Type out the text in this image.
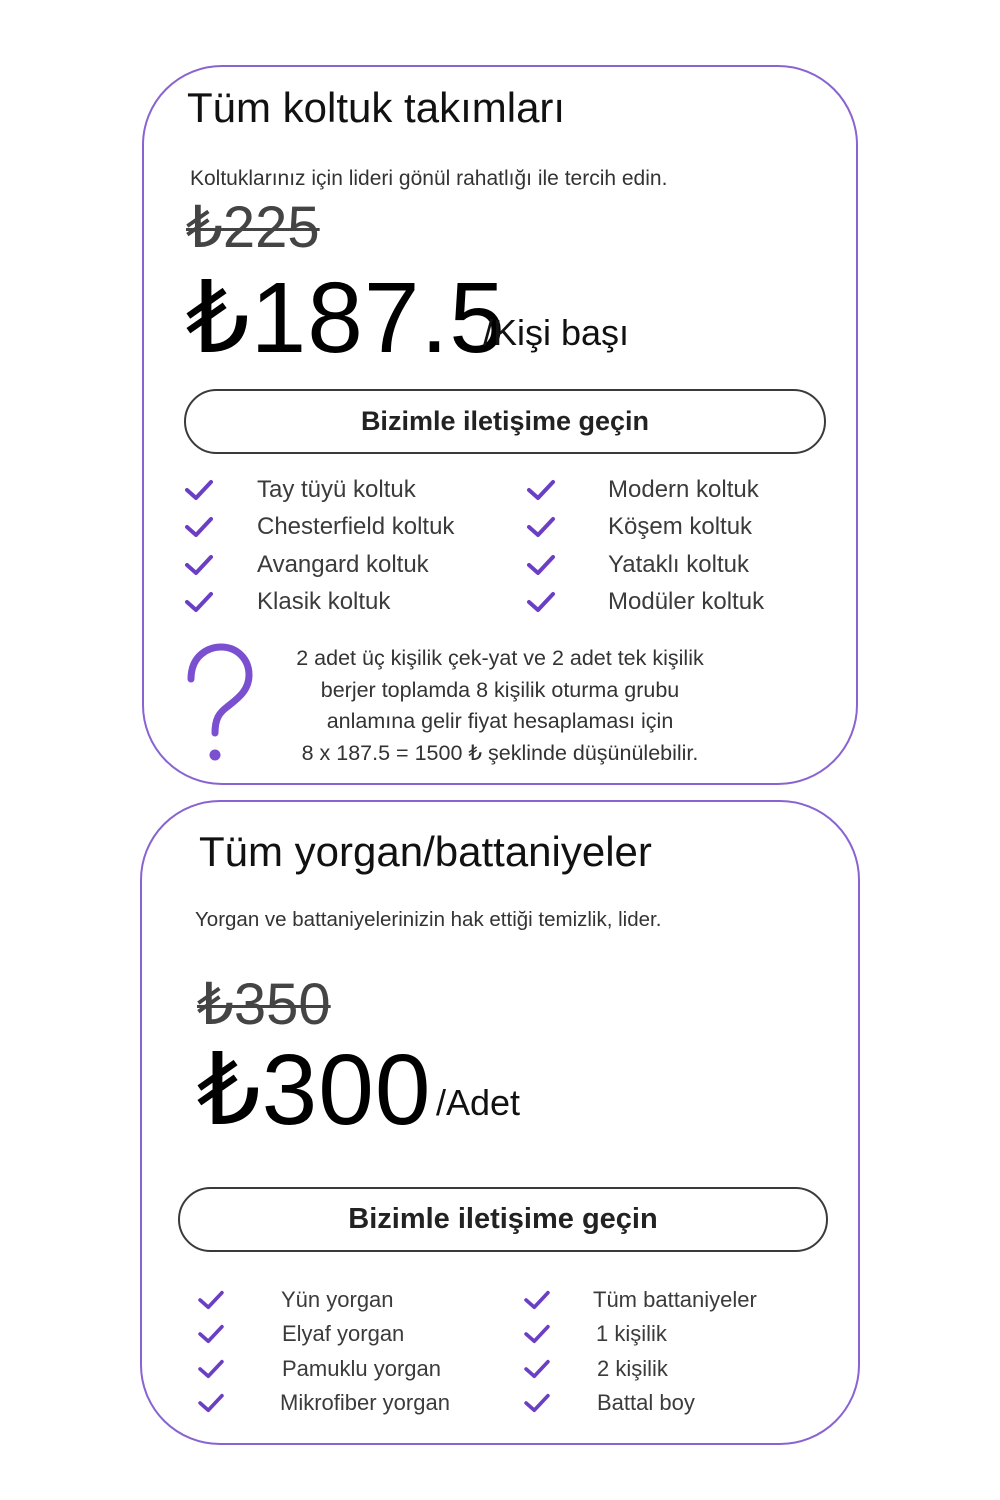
Tüm koltuk takımları
Koltuklarınız için lideri gönül rahatlığı ile tercih edin.
₺225
₺187.5
/Kişi başı
Bizimle iletişime geçin
Tay tüyü koltuk
Chesterfield koltuk
Avangard koltuk
Klasik koltuk
Modern koltuk
Köşem koltuk
Yataklı koltuk
Modüler koltuk
2 adet üç kişilik çek-yat ve 2 adet tek kişilik
berjer toplamda 8 kişilik oturma grubu
anlamına gelir fiyat hesaplaması için
8 x 187.5 = 1500 ₺ şeklinde düşünülebilir.
Tüm yorgan/battaniyeler
Yorgan ve battaniyelerinizin hak ettiği temizlik, lider.
₺350
₺300 /Adet
Bizimle iletişime geçin
Yün yorgan
Elyaf yorgan
Pamuklu yorgan
Mikrofiber yorgan
Tüm battaniyeler
1 kişilik
2 kişilik
Battal boy
